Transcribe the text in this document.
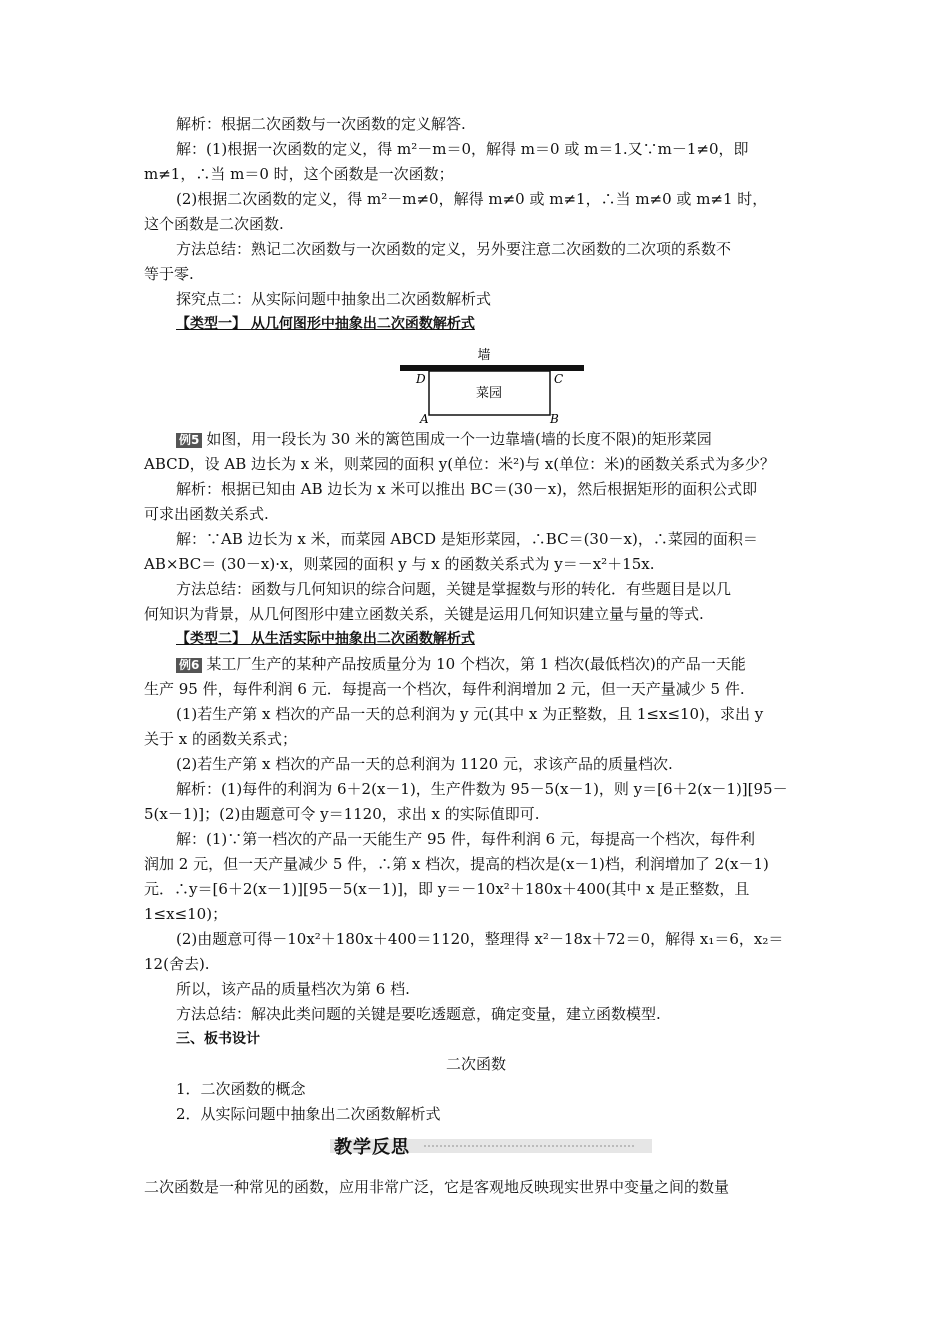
解析：根据二次函数与一次函数的定义解答.

解：(1)根据一次函数的定义，得 m²－m＝0，解得 m＝0 或 m＝1.又∵m－1≠0，即

m≠1，∴当 m＝0 时，这个函数是一次函数；

(2)根据二次函数的定义，得 m²－m≠0，解得 m≠0 或 m≠1，∴当 m≠0 或 m≠1 时，

这个函数是二次函数.

方法总结：熟记二次函数与一次函数的定义，另外要注意二次函数的二次项的系数不

等于零.

探究点二：从实际问题中抽象出二次函数解析式

【类型一】 从几何图形中抽象出二次函数解析式

墙
菜园
D	C
A	B

例5 如图，用一段长为 30 米的篱笆围成一个一边靠墙(墙的长度不限)的矩形菜园

ABCD，设 AB 边长为 x 米，则菜园的面积 y(单位：米²)与 x(单位：米)的函数关系式为多少？

解析：根据已知由 AB 边长为 x 米可以推出 BC＝(30－x)，然后根据矩形的面积公式即

可求出函数关系式.

解：∵AB 边长为 x 米，而菜园 ABCD 是矩形菜园，∴BC＝(30－x)，∴菜园的面积＝

AB×BC＝ (30－x)·x，则菜园的面积 y 与 x 的函数关系式为 y＝－x²＋15x.

方法总结：函数与几何知识的综合问题，关键是掌握数与形的转化．有些题目是以几

何知识为背景，从几何图形中建立函数关系，关键是运用几何知识建立量与量的等式.

【类型二】 从生活实际中抽象出二次函数解析式

例6 某工厂生产的某种产品按质量分为 10 个档次，第 1 档次(最低档次)的产品一天能

生产 95 件，每件利润 6 元．每提高一个档次，每件利润增加 2 元，但一天产量减少 5 件.

(1)若生产第 x 档次的产品一天的总利润为 y 元(其中 x 为正整数，且 1≤x≤10)，求出 y

关于 x 的函数关系式；

(2)若生产第 x 档次的产品一天的总利润为 1120 元，求该产品的质量档次.

解析：(1)每件的利润为 6＋2(x－1)，生产件数为 95－5(x－1)，则 y＝[6＋2(x－1)][95－

5(x－1)]；(2)由题意可令 y＝1120，求出 x 的实际值即可.

解：(1)∵第一档次的产品一天能生产 95 件，每件利润 6 元，每提高一个档次，每件利

润加 2 元，但一天产量减少 5 件，∴第 x 档次，提高的档次是(x－1)档，利润增加了 2(x－1)

元．∴y＝[6＋2(x－1)][95－5(x－1)]，即 y＝－10x²＋180x＋400(其中 x 是正整数，且

1≤x≤10)；

(2)由题意可得－10x²＋180x＋400＝1120，整理得 x²－18x＋72＝0，解得 x₁＝6，x₂＝

12(舍去).

所以，该产品的质量档次为第 6 档.

方法总结：解决此类问题的关键是要吃透题意，确定变量，建立函数模型.

三、板书设计

二次函数

1．二次函数的概念

2．从实际问题中抽象出二次函数解析式

教学反思

二次函数是一种常见的函数，应用非常广泛，它是客观地反映现实世界中变量之间的数量
